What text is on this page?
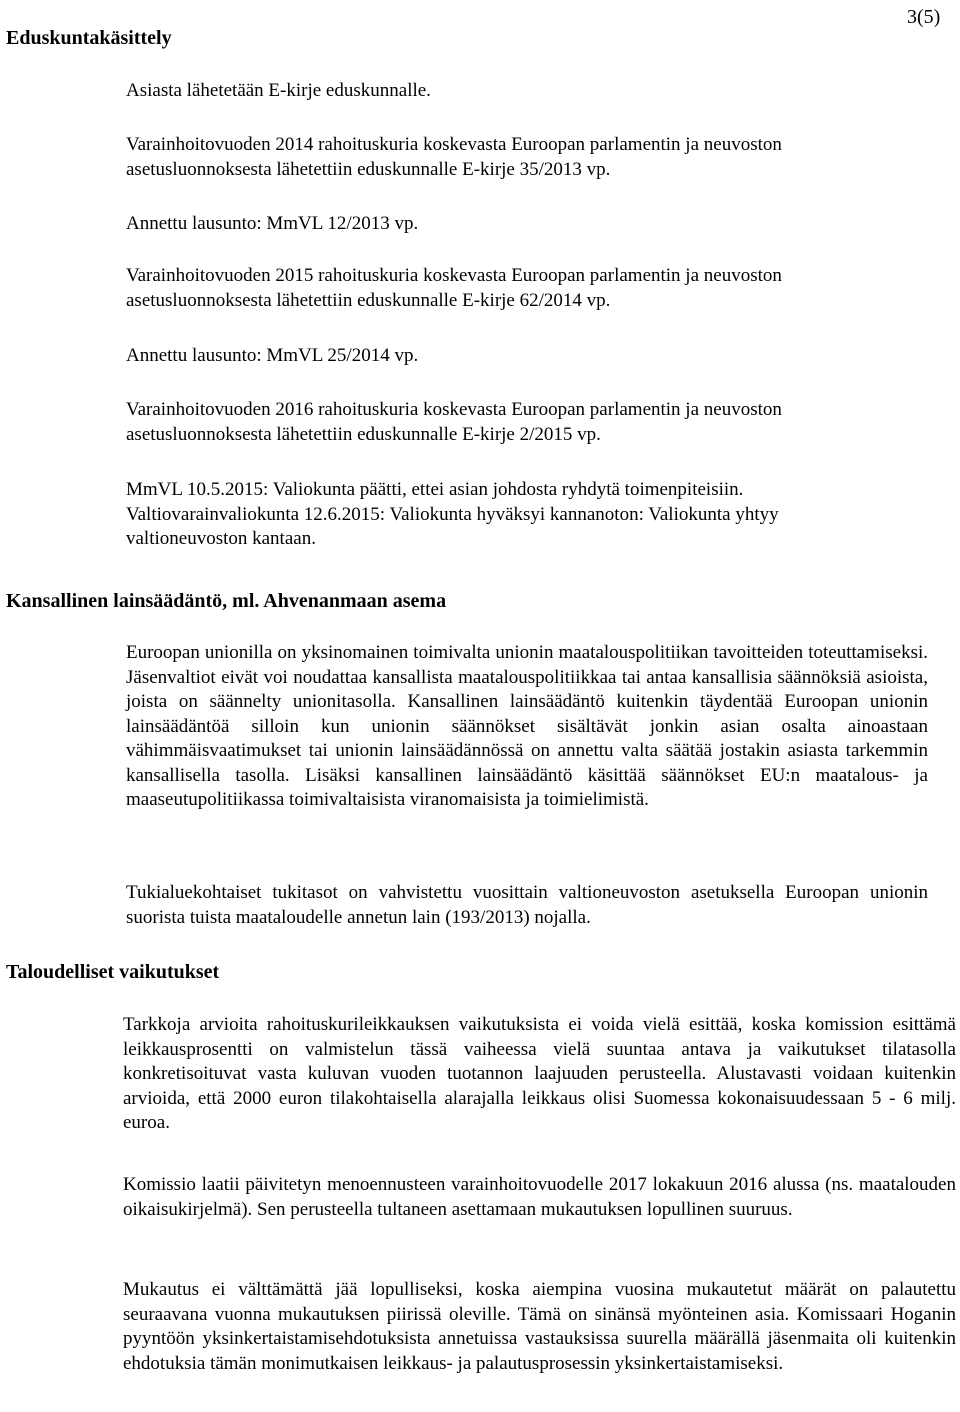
Eduskuntakäsittely
3(5)
Asiasta lähetetään E-kirje eduskunnalle.
Varainhoitovuoden 2014 rahoituskuria koskevasta Euroopan parlamentin ja neuvoston
asetusluonnoksesta lähetettiin eduskunnalle E-kirje 35/2013 vp.
Annettu lausunto: MmVL 12/2013 vp.
Varainhoitovuoden 2015 rahoituskuria koskevasta Euroopan parlamentin ja neuvoston
asetusluonnoksesta lähetettiin eduskunnalle E-kirje 62/2014 vp.
Annettu lausunto: MmVL 25/2014 vp.
Varainhoitovuoden 2016 rahoituskuria koskevasta Euroopan parlamentin ja neuvoston
asetusluonnoksesta lähetettiin eduskunnalle E-kirje 2/2015 vp.
MmVL 10.5.2015: Valiokunta päätti, ettei asian johdosta ryhdytä toimenpiteisiin.
Valtiovarainvaliokunta 12.6.2015: Valiokunta hyväksyi kannanoton: Valiokunta yhtyy
valtioneuvoston kantaan.
Kansallinen lainsäädäntö, ml. Ahvenanmaan asema

Euroopan unionilla on yksinomainen toimivalta unionin maatalouspolitiikan tavoitteiden toteuttamiseksi. Jäsenvaltiot eivät voi noudattaa kansallista maatalouspolitiikkaa tai antaa kansallisia säännöksiä asioista, joista on säännelty unionitasolla. Kansallinen lainsäädäntö kuitenkin täydentää Euroopan unionin lainsäädäntöä silloin kun unionin säännökset sisältävät jonkin asian osalta ainoastaan vähimmäisvaatimukset tai unionin lainsäädännössä on annettu valta säätää jostakin asiasta tarkemmin kansallisella tasolla. Lisäksi kansallinen lainsäädäntö käsittää säännökset EU:n maatalous- ja maaseutupolitiikassa toimivaltaisista viranomaisista ja toimielimistä.

Tukialuekohtaiset tukitasot on vahvistettu vuosittain valtioneuvoston asetuksella Euroopan unionin suorista tuista maataloudelle annetun lain (193/2013) nojalla.

Taloudelliset vaikutukset

Tarkkoja arvioita rahoituskurileikkauksen vaikutuksista ei voida vielä esittää, koska komission esittämä leikkausprosentti on valmistelun tässä vaiheessa vielä suuntaa antava ja vaikutukset tilatasolla konkretisoituvat vasta kuluvan vuoden tuotannon laajuuden perusteella. Alustavasti voidaan kuitenkin arvioida, että 2000 euron tilakohtaisella alarajalla leikkaus olisi Suomessa kokonaisuudessaan 5 - 6 milj. euroa.

Komissio laatii päivitetyn menoennusteen varainhoitovuodelle 2017 lokakuun 2016 alussa (ns. maatalouden oikaisukirjelmä). Sen perusteella tultaneen asettamaan mukautuksen lopullinen suuruus.

Mukautus ei välttämättä jää lopulliseksi, koska aiempina vuosina mukautetut määrät on palautettu seuraavana vuonna mukautuksen piirissä oleville. Tämä on sinänsä myönteinen asia. Komissaari Hoganin pyyntöön yksinkertaistamisehdotuksista annetuissa vastauksissa suurella määrällä jäsenmaita oli kuitenkin ehdotuksia tämän monimutkaisen leikkaus- ja palautusprosessin yksinkertaistamiseksi.
